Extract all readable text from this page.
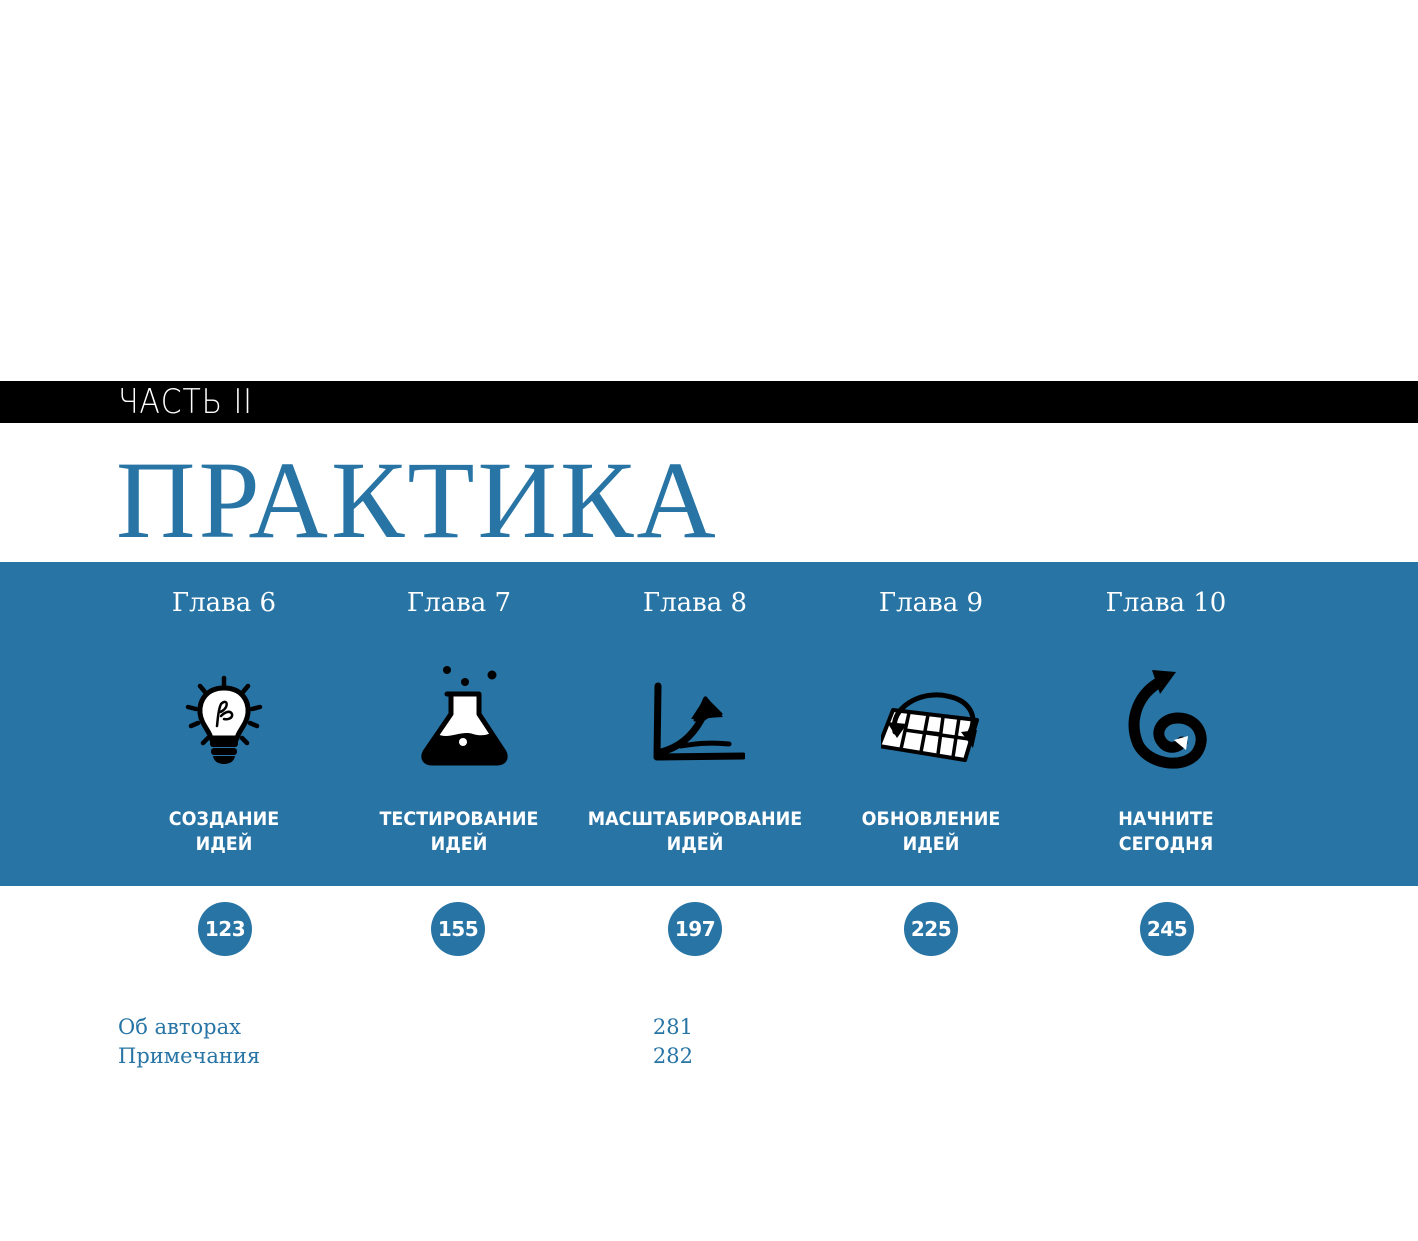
ЧАСТЬ II
ПРАКТИКА
Глава 6
СОЗДАНИЕ
ИДЕЙ
Глава 7
ТЕСТИРОВАНИЕ
ИДЕЙ
Глава 8
МАСШТАБИРОВАНИЕ
ИДЕЙ
Глава 9
ОБНОВЛЕНИЕ
ИДЕЙ
Глава 10
НАЧНИТЕ
СЕГОДНЯ
123	155	197	225	245
Об авторах	281
Примечания	282
